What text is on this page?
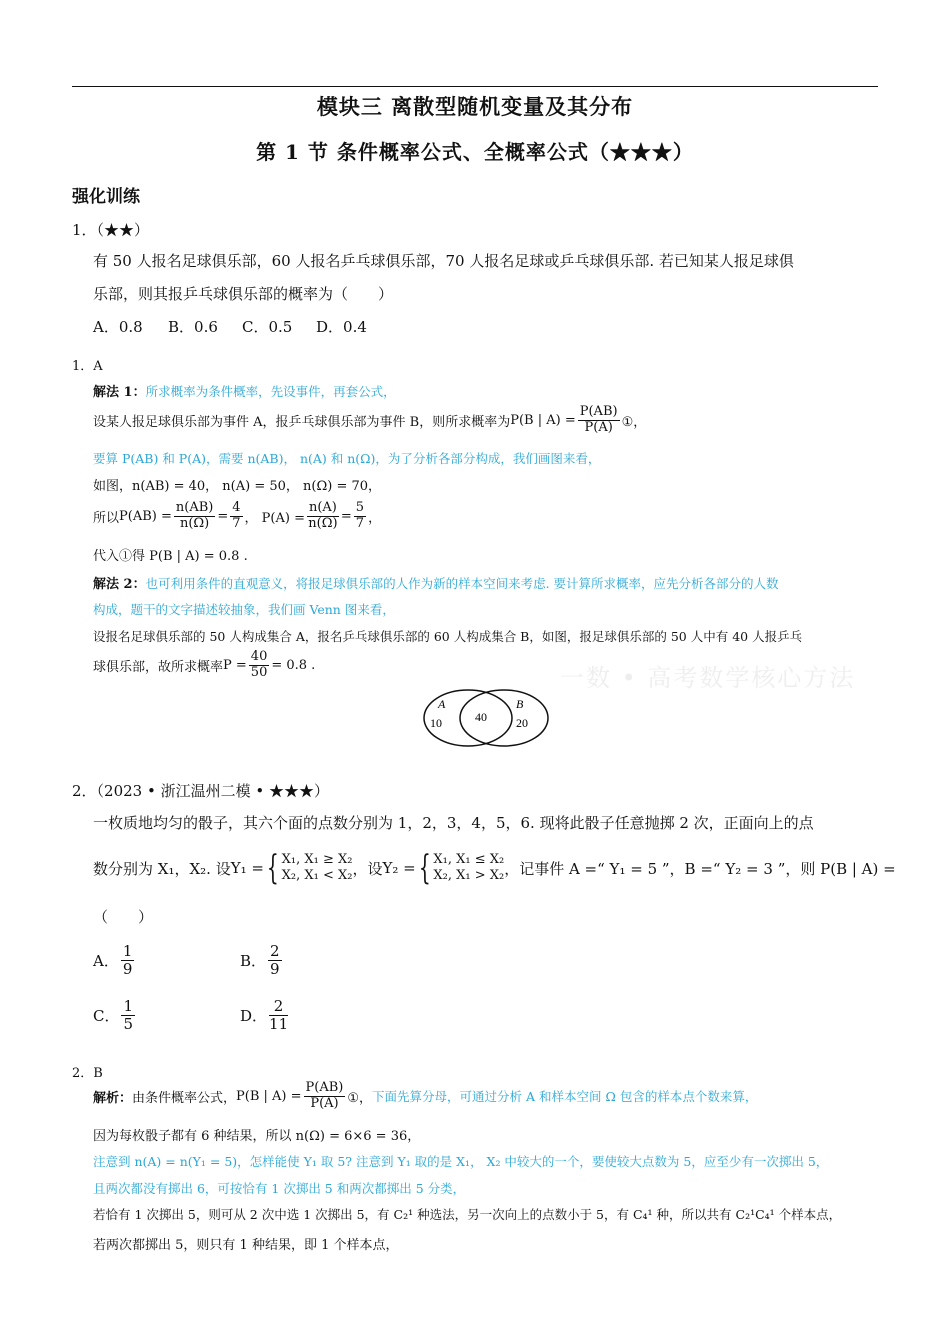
模块三 离散型随机变量及其分布
第 1 节 条件概率公式、全概率公式（★★★）
强化训练
1．（★★）
有 50 人报名足球俱乐部，60 人报名乒乓球俱乐部，70 人报名足球或乒乓球俱乐部. 若已知某人报足球俱
乐部，则其报乒乓球俱乐部的概率为（　　）
A．0.8 B．0.6 C．0.5 D．0.4
1．A
解法 1：所求概率为条件概率，先设事件，再套公式，
设某人报足球俱乐部为事件 A，报乒乓球俱乐部为事件 B，则所求概率为 P(B | $A) = \frac{P(AB)}{P(A)}$ ①，
要算 P(AB) 和 P(A)，需要 n(AB)， n(A) 和 n(Ω)，为了分析各部分构成，我们画图来看，
如图，n(AB) = 40， n(A) = 50， n(Ω) = 70，
所以 $P(AB) = \frac{n(AB)}{n(\Omega)} = \frac{4}{7}$ ， $P(A) = \frac{n(A)}{n(\Omega)} = \frac{5}{7}$ ，
代入①得 P(B | A) = 0.8 .
解法 2：也可利用条件的直观意义，将报足球俱乐部的人作为新的样本空间来考虑. 要计算所求概率，应先分析各部分的人数
构成，题干的文字描述较抽象，我们画 Venn 图来看，
设报名足球俱乐部的 50 人构成集合 A，报名乒乓球俱乐部的 60 人构成集合 B，如图，报足球俱乐部的 50 人中有 40 人报乒乓
球俱乐部，故所求概率 $P = \frac{40}{50} = 0.8$ .	一数 • 高考数学核心方法
A
10	40
B
20
2．（2023 • 浙江温州二模 • ★★★）
一枚质地均匀的骰子，其六个面的点数分别为 1，2，3，4，5，6. 现将此骰子任意抛掷 2 次，正面向上的点
数分别为 X₁，X₂. 设 Y₁ = { X₁, X₁ ≥ X₂
X₂, X₁ < X₂ ，设 Y₂ = { X₁, X₁ ≤ X₂
X₂, X₁ > X₂ ，记事件 A =“ Y₁ = 5 ”，B =“ Y₂ = 3 ”，则 P(B | A) =
（　　）
A． $\frac{1}{9}$	B． $\frac{2}{9}$
C． $\frac{1}{5}$	D． $\frac{2}{11}$
2．B
解析： 由条件概率公式， P(B | $A) = \frac{P(AB)}{P(A)}$ ①， 下面先算分母，可通过分析 A 和样本空间 Ω 包含的样本点个数来算，
因为每枚骰子都有 6 种结果，所以 n(Ω) = 6×6 = 36，
注意到 n(A) = n(Y₁ = 5)，怎样能使 Y₁ 取 5? 注意到 Y₁ 取的是 X₁， X₂ 中较大的一个，要使较大点数为 5，应至少有一次掷出 5，
且两次都没有掷出 6，可按恰有 1 次掷出 5 和两次都掷出 5 分类，
若恰有 1 次掷出 5，则可从 2 次中选 1 次掷出 5，有 C₂¹ 种选法，另一次向上的点数小于 5，有 C₄¹ 种，所以共有 C₂¹C₄¹ 个样本点，
若两次都掷出 5，则只有 1 种结果，即 1 个样本点，
